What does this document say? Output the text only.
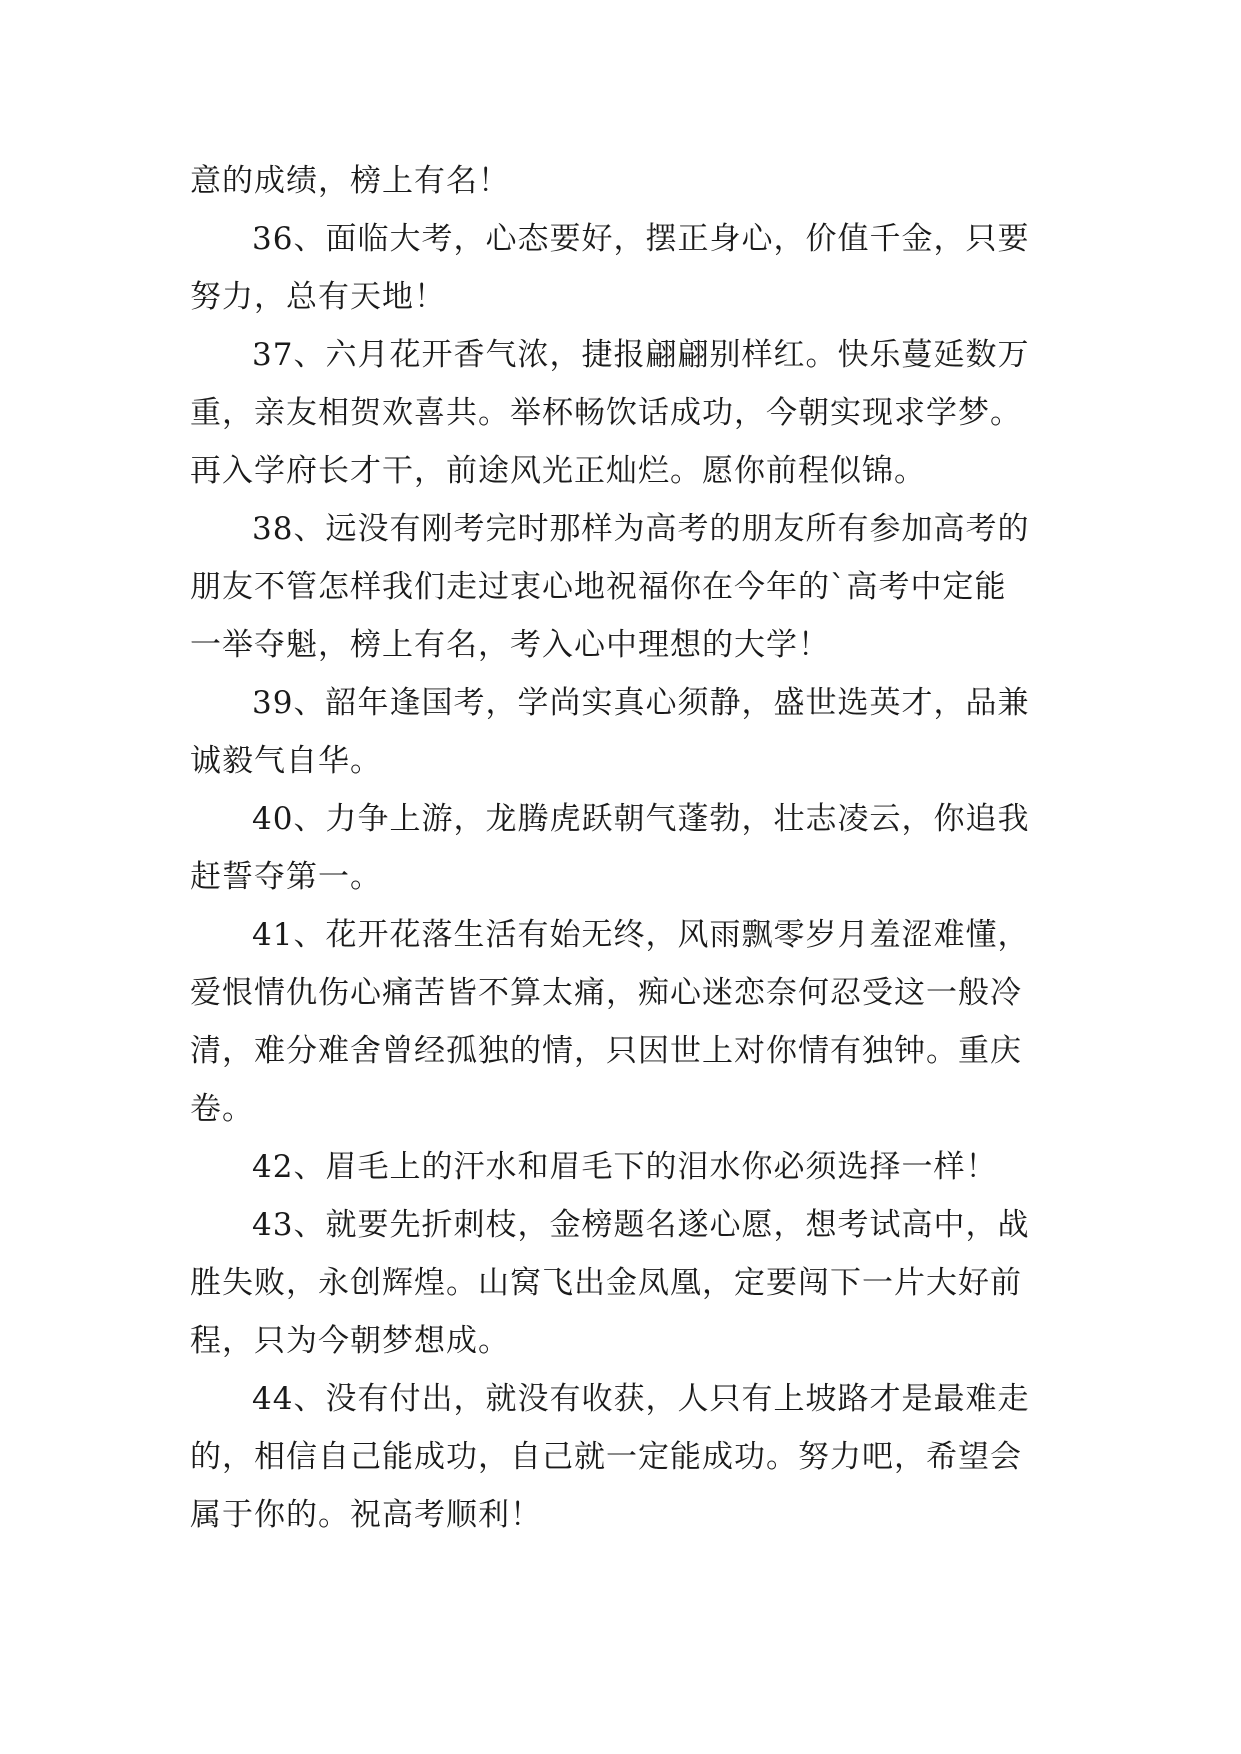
意的成绩，榜上有名！
36、面临大考，心态要好，摆正身心，价值千金，只要
努力，总有天地！
37、六月花开香气浓，捷报翩翩别样红。快乐蔓延数万
重，亲友相贺欢喜共。举杯畅饮话成功，今朝实现求学梦。
再入学府长才干，前途风光正灿烂。愿你前程似锦。
38、远没有刚考完时那样为高考的朋友所有参加高考的
朋友不管怎样我们走过衷心地祝福你在今年的`高考中定能
一举夺魁，榜上有名，考入心中理想的大学！
39、韶年逢国考，学尚实真心须静，盛世选英才，品兼
诚毅气自华。
40、力争上游，龙腾虎跃朝气蓬勃，壮志凌云，你追我
赶誓夺第一。
41、花开花落生活有始无终，风雨飘零岁月羞涩难懂，
爱恨情仇伤心痛苦皆不算太痛，痴心迷恋奈何忍受这一般冷
清，难分难舍曾经孤独的情，只因世上对你情有独钟。重庆
卷。
42、眉毛上的汗水和眉毛下的泪水你必须选择一样！
43、就要先折刺枝，金榜题名遂心愿，想考试高中，战
胜失败，永创辉煌。山窝飞出金凤凰，定要闯下一片大好前
程，只为今朝梦想成。
44、没有付出，就没有收获，人只有上坡路才是最难走
的，相信自己能成功，自己就一定能成功。努力吧，希望会
属于你的。祝高考顺利！
